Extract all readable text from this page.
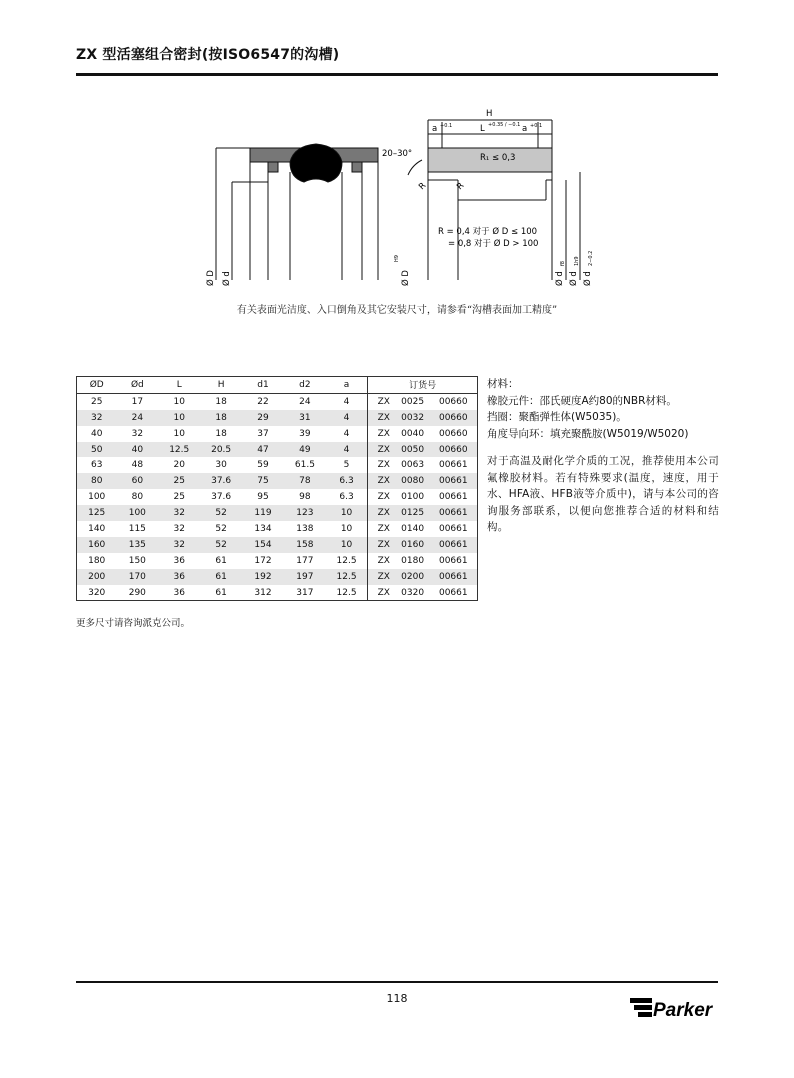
ZX 型活塞组合密封(按ISO6547的沟槽)
Ø D Ø d
20–30°
H
a +0.1	L +0.35 / −0.1 a +0.1
R₁ ≤ 0,3
R	R
R = 0,4 对于 Ø D ≤ 100
= 0,8 对于 Ø D > 100
Ø D
H9
Ø d
f8
Ø d
1h9
Ø d
2−0.2
有关表面光洁度、入口倒角及其它安装尺寸，请参看“沟槽表面加工精度”
ØD	Ød	L	H	d1	d2	a	订货号
25	17	10	18	22	24	4	ZX 0025 00660
32	24	10	18	29	31	4	ZX 0032 00660
40	32	10	18	37	39	4	ZX 0040 00660
50	40	12.5	20.5	47	49	4	ZX 0050 00660
63	48	20	30	59	61.5	5	ZX 0063 00661
80	60	25	37.6	75	78	6.3	ZX 0080 00661
100	80	25	37.6	95	98	6.3	ZX 0100 00661
125	100	32	52	119	123	10	ZX 0125 00661
140	115	32	52	134	138	10	ZX 0140 00661
160	135	32	52	154	158	10	ZX 0160 00661
180	150	36	61	172	177	12.5	ZX 0180 00661
200	170	36	61	192	197	12.5	ZX 0200 00661
320	290	36	61	312	317	12.5	ZX 0320 00661
更多尺寸请咨询派克公司。

材料：

橡胶元件：邵氏硬度A约80的NBR材料。

挡圈：聚酯弹性体(W5035)。

角度导向环：填充聚酰胺(W5019/W5020)

对于高温及耐化学介质的工况，推荐使用本公司氟橡胶材料。若有特殊要求(温度，速度，用于水、HFA液、HFB液等介质中)，请与本公司的咨询服务部联系，以便向您推荐合适的材料和结构。

118
Parker
